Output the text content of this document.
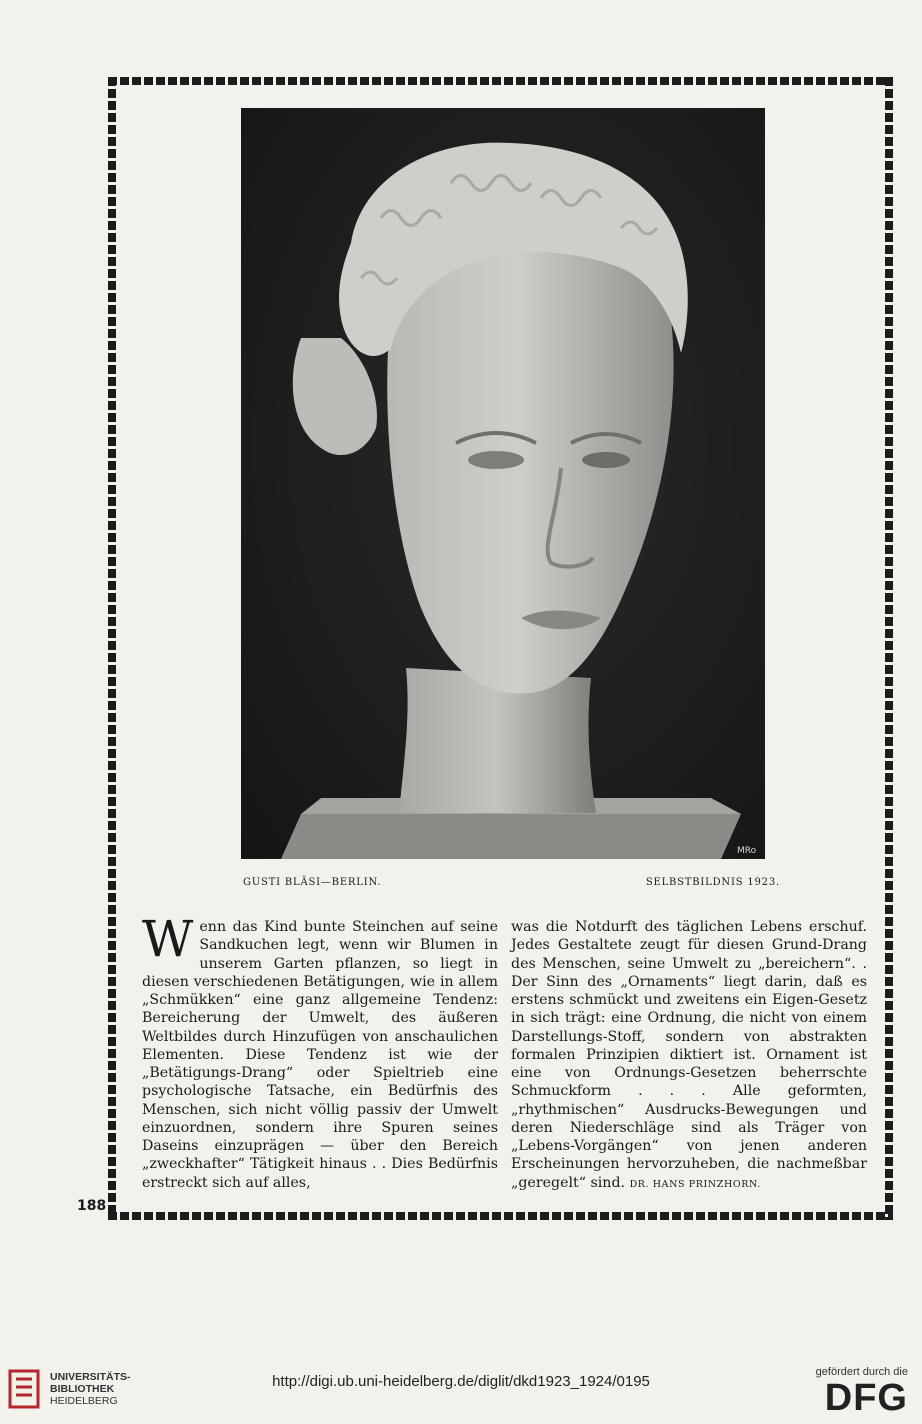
MRo
GUSTI BLÄSI—BERLIN.	SELBSTBILDNIS 1923.

W enn das Kind bunte Steinchen auf seine Sandkuchen legt, wenn wir Blumen in unserem Garten pflanzen, so liegt in diesen verschiedenen Betätigungen, wie in allem „Schmükken“ eine ganz allgemeine Tendenz: Bereicherung der Umwelt, des äußeren Weltbildes durch Hinzufügen von anschaulichen Elementen. Diese Tendenz ist wie der „Betätigungs-Drang“ oder Spieltrieb eine psychologische Tatsache, ein Bedürfnis des Menschen, sich nicht völlig passiv der Umwelt einzuordnen, sondern ihre Spuren seines Daseins einzuprägen — über den Bereich „zweckhafter“ Tätigkeit hinaus . . Dies Bedürfnis erstreckt sich auf alles,

was die Notdurft des täglichen Lebens erschuf. Jedes Gestaltete zeugt für diesen Grund-Drang des Menschen, seine Umwelt zu „bereichern“. . Der Sinn des „Ornaments“ liegt darin, daß es erstens schmückt und zweitens ein Eigen-Gesetz in sich trägt: eine Ordnung, die nicht von einem Darstellungs-Stoff, sondern von abstrakten formalen Prinzipien diktiert ist. Ornament ist eine von Ordnungs-Gesetzen beherrschte Schmuckform . . . Alle geformten, „rhythmischen“ Ausdrucks-Bewegungen und deren Niederschläge sind als Träger von „Lebens-Vorgängen“ von jenen anderen Erscheinungen hervorzuheben, die nachmeßbar „geregelt“ sind. DR. HANS PRINZHORN.

188
UNIVERSITÄTS-
BIBLIOTHEK
HEIDELBERG
http://digi.ub.uni-heidelberg.de/diglit/dkd1923_1924/0195
gefördert durch die
DFG
